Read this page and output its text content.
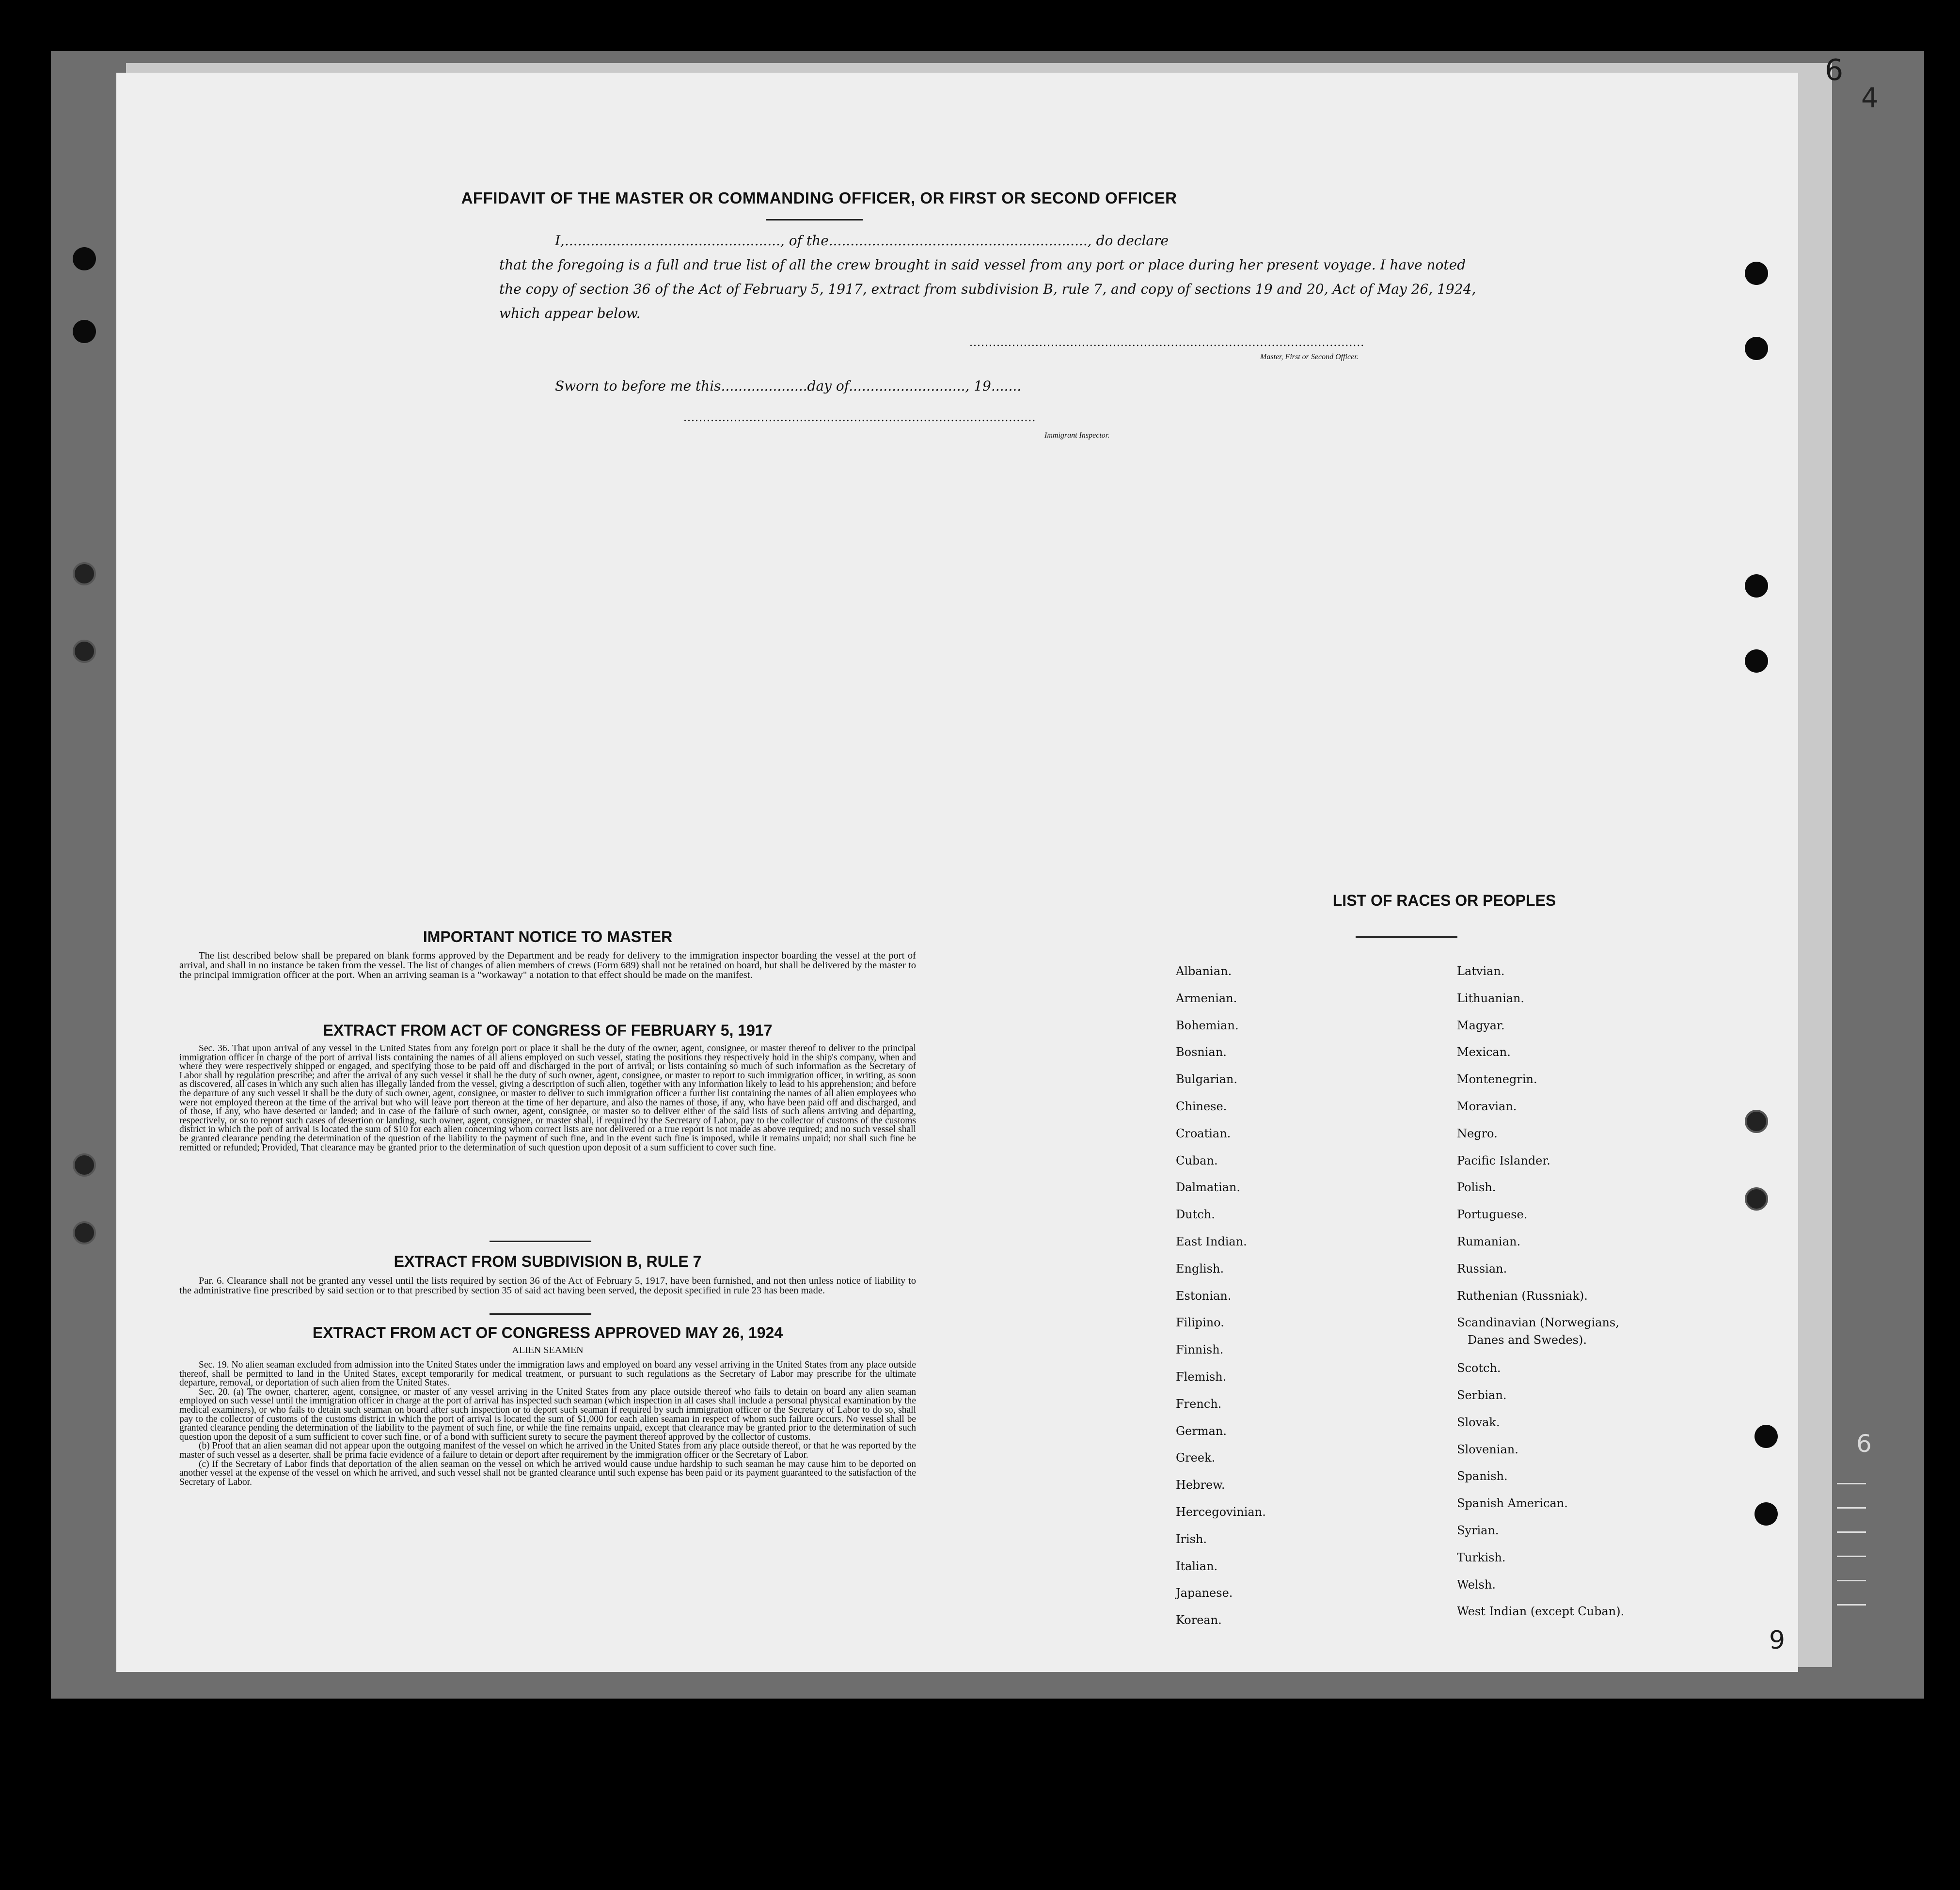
AFFIDAVIT OF THE MASTER OR COMMANDING OFFICER, OR FIRST OR SECOND OFFICER
I,.................................................., of the............................................................, do declare
that the foregoing is a full and true list of all the crew brought in said vessel from any port or place during her present voyage. I have noted
the copy of section 36 of the Act of February 5, 1917, extract from subdivision B, rule 7, and copy of sections 19 and 20, Act of May 26, 1924,
which appear below.
......................................................................................................
Master, First or Second Officer.
Sworn to before me this....................day of..........................., 19.......
...........................................................................................
Immigrant Inspector.
IMPORTANT NOTICE TO MASTER

The list described below shall be prepared on blank forms approved by the Department and be ready for delivery to the immigration inspector boarding the vessel at the port of arrival, and shall in no instance be taken from the vessel. The list of changes of alien members of crews (Form 689) shall not be retained on board, but shall be delivered by the master to the principal immigration officer at the port. When an arriving seaman is a "workaway" a notation to that effect should be made on the manifest.

EXTRACT FROM ACT OF CONGRESS OF FEBRUARY 5, 1917

Sec. 36. That upon arrival of any vessel in the United States from any foreign port or place it shall be the duty of the owner, agent, consignee, or master thereof to deliver to the principal immigration officer in charge of the port of arrival lists containing the names of all aliens employed on such vessel, stating the positions they respectively hold in the ship's company, when and where they were respectively shipped or engaged, and specifying those to be paid off and discharged in the port of arrival; or lists containing so much of such information as the Secretary of Labor shall by regulation prescribe; and after the arrival of any such vessel it shall be the duty of such owner, agent, consignee, or master to report to such immigration officer, in writing, as soon as discovered, all cases in which any such alien has illegally landed from the vessel, giving a description of such alien, together with any information likely to lead to his apprehension; and before the departure of any such vessel it shall be the duty of such owner, agent, consignee, or master to deliver to such immigration officer a further list containing the names of all alien employees who were not employed thereon at the time of the arrival but who will leave port thereon at the time of her departure, and also the names of those, if any, who have been paid off and discharged, and of those, if any, who have deserted or landed; and in case of the failure of such owner, agent, consignee, or master so to deliver either of the said lists of such aliens arriving and departing, respectively, or so to report such cases of desertion or landing, such owner, agent, consignee, or master shall, if required by the Secretary of Labor, pay to the collector of customs of the customs district in which the port of arrival is located the sum of $10 for each alien concerning whom correct lists are not delivered or a true report is not made as above required; and no such vessel shall be granted clearance pending the determination of the question of the liability to the payment of such fine, and in the event such fine is imposed, while it remains unpaid; nor shall such fine be remitted or refunded; Provided, That clearance may be granted prior to the determination of such question upon deposit of a sum sufficient to cover such fine.

EXTRACT FROM SUBDIVISION B, RULE 7

Par. 6. Clearance shall not be granted any vessel until the lists required by section 36 of the Act of February 5, 1917, have been furnished, and not then unless notice of liability to the administrative fine prescribed by said section or to that prescribed by section 35 of said act having been served, the deposit specified in rule 23 has been made.

EXTRACT FROM ACT OF CONGRESS APPROVED MAY 26, 1924
ALIEN SEAMEN

Sec. 19. No alien seaman excluded from admission into the United States under the immigration laws and employed on board any vessel arriving in the United States from any place outside thereof, shall be permitted to land in the United States, except temporarily for medical treatment, or pursuant to such regulations as the Secretary of Labor may prescribe for the ultimate departure, removal, or deportation of such alien from the United States.

Sec. 20. (a) The owner, charterer, agent, consignee, or master of any vessel arriving in the United States from any place outside thereof who fails to detain on board any alien seaman employed on such vessel until the immigration officer in charge at the port of arrival has inspected such seaman (which inspection in all cases shall include a personal physical examination by the medical examiners), or who fails to detain such seaman on board after such inspection or to deport such seaman if required by such immigration officer or the Secretary of Labor to do so, shall pay to the collector of customs of the customs district in which the port of arrival is located the sum of $1,000 for each alien seaman in respect of whom such failure occurs. No vessel shall be granted clearance pending the determination of the liability to the payment of such fine, or while the fine remains unpaid, except that clearance may be granted prior to the determination of such question upon the deposit of a sum sufficient to cover such fine, or of a bond with sufficient surety to secure the payment thereof approved by the collector of customs.

(b) Proof that an alien seaman did not appear upon the outgoing manifest of the vessel on which he arrived in the United States from any place outside thereof, or that he was reported by the master of such vessel as a deserter, shall be prima facie evidence of a failure to detain or deport after requirement by the immigration officer or the Secretary of Labor.

(c) If the Secretary of Labor finds that deportation of the alien seaman on the vessel on which he arrived would cause undue hardship to such seaman he may cause him to be deported on another vessel at the expense of the vessel on which he arrived, and such vessel shall not be granted clearance until such expense has been paid or its payment guaranteed to the satisfaction of the Secretary of Labor.

LIST OF RACES OR PEOPLES
Albanian.
Armenian.
Bohemian.
Bosnian.
Bulgarian.
Chinese.
Croatian.
Cuban.
Dalmatian.
Dutch.
East Indian.
English.
Estonian.
Filipino.
Finnish.
Flemish.
French.
German.
Greek.
Hebrew.
Hercegovinian.
Irish.
Italian.
Japanese.
Korean.
Latvian.
Lithuanian.
Magyar.
Mexican.
Montenegrin.
Moravian.
Negro.
Pacific Islander.
Polish.
Portuguese.
Rumanian.
Russian.
Ruthenian (Russniak).
Scandinavian (Norwegians,
Danes and Swedes).
Scotch.
Serbian.
Slovak.
Slovenian.
Spanish.
Spanish American.
Syrian.
Turkish.
Welsh.
West Indian (except Cuban).
6
4
6
9
